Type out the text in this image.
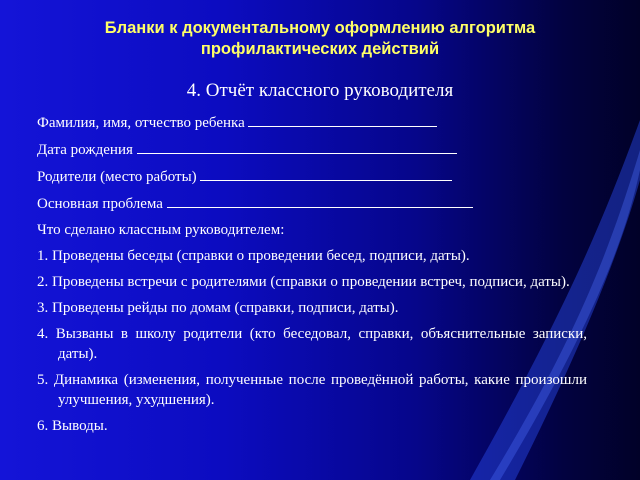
Бланки к документальному оформлению алгоритма
профилактических действий
4. Отчёт классного руководителя
Фамилия, имя, отчество ребенка
Дата рождения
Родители (место работы)
Основная проблема
Что сделано классным руководителем:
1. Проведены беседы (справки о проведении бесед, подписи, даты).
2. Проведены встречи с родителями (справки о проведении встреч, подписи, даты).
3. Проведены рейды по домам (справки, подписи, даты).
4. Вызваны в школу родители (кто беседовал, справки, объяснительные записки, даты).
5. Динамика (изменения, полученные после проведённой работы, какие произошли улучшения, ухудшения).
6. Выводы.
